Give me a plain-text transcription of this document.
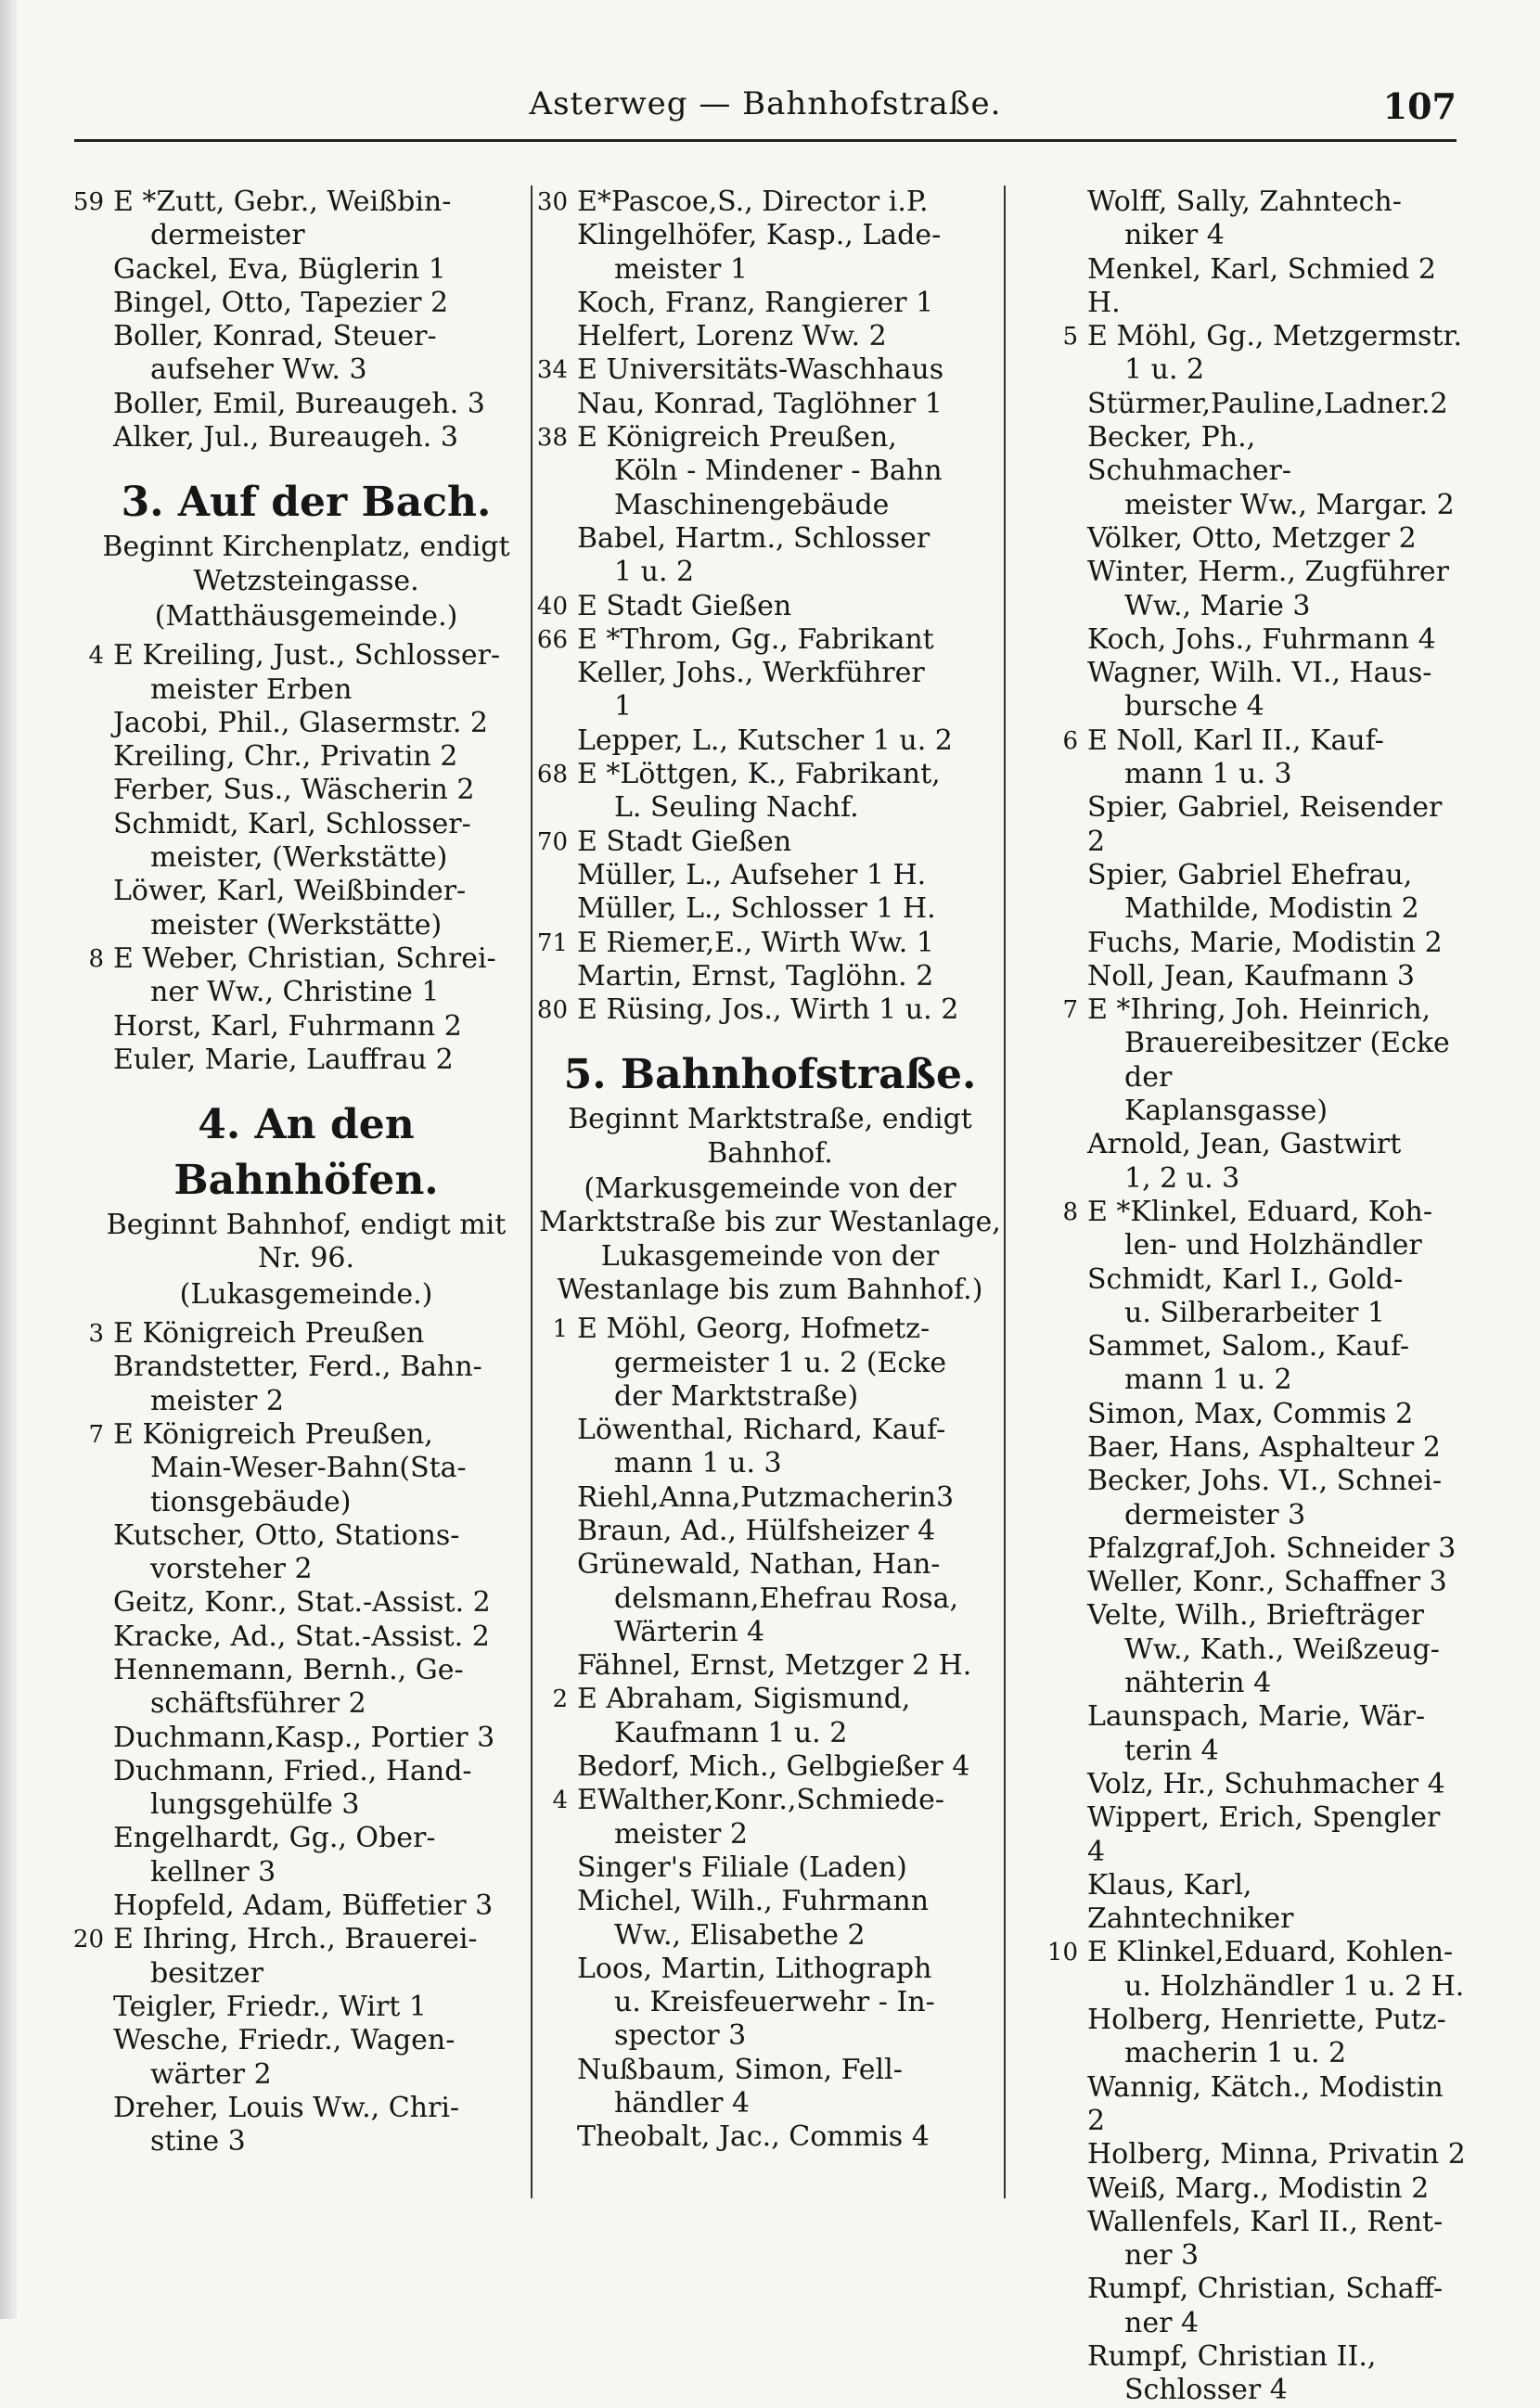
Asterweg — Bahnhofstraße.	107
59 E *Zutt, Gebr., Weißbin-
dermeister
Gackel, Eva, Büglerin 1
Bingel, Otto, Tapezier 2
Boller, Konrad, Steuer-
aufseher Ww. 3
Boller, Emil, Bureaugeh. 3
Alker, Jul., Bureaugeh. 3
3. Auf der Bach.
Beginnt Kirchenplatz, endigt
Wetzsteingasse.
(Matthäusgemeinde.)
4 E Kreiling, Just., Schlosser-
meister Erben
Jacobi, Phil., Glasermstr. 2
Kreiling, Chr., Privatin 2
Ferber, Sus., Wäscherin 2
Schmidt, Karl, Schlosser-
meister, (Werkstätte)
Löwer, Karl, Weißbinder-
meister (Werkstätte)
8 E Weber, Christian, Schrei-
ner Ww., Christine 1
Horst, Karl, Fuhrmann 2
Euler, Marie, Lauffrau 2
4. An den Bahnhöfen.
Beginnt Bahnhof, endigt mit
Nr. 96.
(Lukasgemeinde.)
3 E Königreich Preußen
Brandstetter, Ferd., Bahn-
meister 2
7 E Königreich Preußen,
Main-Weser-Bahn(Sta-
tionsgebäude)
Kutscher, Otto, Stations-
vorsteher 2
Geitz, Konr., Stat.-Assist. 2
Kracke, Ad., Stat.-Assist. 2
Hennemann, Bernh., Ge-
schäftsführer 2
Duchmann,Kasp., Portier 3
Duchmann, Fried., Hand-
lungsgehülfe 3
Engelhardt, Gg., Ober-
kellner 3
Hopfeld, Adam, Büffetier 3
20 E Ihring, Hrch., Brauerei-
besitzer
Teigler, Friedr., Wirt 1
Wesche, Friedr., Wagen-
wärter 2
Dreher, Louis Ww., Chri-
stine 3
30 E*Pascoe,S., Director i.P.
Klingelhöfer, Kasp., Lade-
meister 1
Koch, Franz, Rangierer 1
Helfert, Lorenz Ww. 2
34 E Universitäts-Waschhaus
Nau, Konrad, Taglöhner 1
38 E Königreich Preußen,
Köln - Mindener - Bahn
Maschinengebäude
Babel, Hartm., Schlosser
1 u. 2
40 E Stadt Gießen
66 E *Throm, Gg., Fabrikant
Keller, Johs., Werkführer
1
Lepper, L., Kutscher 1 u. 2
68 E *Löttgen, K., Fabrikant,
L. Seuling Nachf.
70 E Stadt Gießen
Müller, L., Aufseher 1 H.
Müller, L., Schlosser 1 H.
71 E Riemer,E., Wirth Ww. 1
Martin, Ernst, Taglöhn. 2
80 E Rüsing, Jos., Wirth 1 u. 2
5. Bahnhofstraße.
Beginnt Marktstraße, endigt
Bahnhof.
(Markusgemeinde von der Marktstraße bis zur Westanlage, Lukasgemeinde von der Westanlage bis zum Bahnhof.)
1 E Möhl, Georg, Hofmetz-
germeister 1 u. 2 (Ecke
der Marktstraße)
Löwenthal, Richard, Kauf-
mann 1 u. 3
Riehl,Anna,Putzmacherin3
Braun, Ad., Hülfsheizer 4
Grünewald, Nathan, Han-
delsmann,Ehefrau Rosa,
Wärterin 4
Fähnel, Ernst, Metzger 2 H.
2 E Abraham, Sigismund,
Kaufmann 1 u. 2
Bedorf, Mich., Gelbgießer 4
4 EWalther,Konr.,Schmiede-
meister 2
Singer's Filiale (Laden)
Michel, Wilh., Fuhrmann
Ww., Elisabethe 2
Loos, Martin, Lithograph
u. Kreisfeuerwehr - In-
spector 3
Nußbaum, Simon, Fell-
händler 4
Theobalt, Jac., Commis 4
Wolff, Sally, Zahntech-
niker 4
Menkel, Karl, Schmied 2 H.
5 E Möhl, Gg., Metzgermstr.
1 u. 2
Stürmer,Pauline,Ladner.2
Becker, Ph., Schuhmacher-
meister Ww., Margar. 2
Völker, Otto, Metzger 2
Winter, Herm., Zugführer
Ww., Marie 3
Koch, Johs., Fuhrmann 4
Wagner, Wilh. VI., Haus-
bursche 4
6 E Noll, Karl II., Kauf-
mann 1 u. 3
Spier, Gabriel, Reisender 2
Spier, Gabriel Ehefrau,
Mathilde, Modistin 2
Fuchs, Marie, Modistin 2
Noll, Jean, Kaufmann 3
7 E *Ihring, Joh. Heinrich,
Brauereibesitzer (Ecke der
Kaplansgasse)
Arnold, Jean, Gastwirt
1, 2 u. 3
8 E *Klinkel, Eduard, Koh-
len- und Holzhändler
Schmidt, Karl I., Gold-
u. Silberarbeiter 1
Sammet, Salom., Kauf-
mann 1 u. 2
Simon, Max, Commis 2
Baer, Hans, Asphalteur 2
Becker, Johs. VI., Schnei-
dermeister 3
Pfalzgraf,Joh. Schneider 3
Weller, Konr., Schaffner 3
Velte, Wilh., Briefträger
Ww., Kath., Weißzeug-
nähterin 4
Launspach, Marie, Wär-
terin 4
Volz, Hr., Schuhmacher 4
Wippert, Erich, Spengler 4
Klaus, Karl, Zahntechniker
10 E Klinkel,Eduard, Kohlen-
u. Holzhändler 1 u. 2 H.
Holberg, Henriette, Putz-
macherin 1 u. 2
Wannig, Kätch., Modistin 2
Holberg, Minna, Privatin 2
Weiß, Marg., Modistin 2
Wallenfels, Karl II., Rent-
ner 3
Rumpf, Christian, Schaff-
ner 4
Rumpf, Christian II.,
Schlosser 4
